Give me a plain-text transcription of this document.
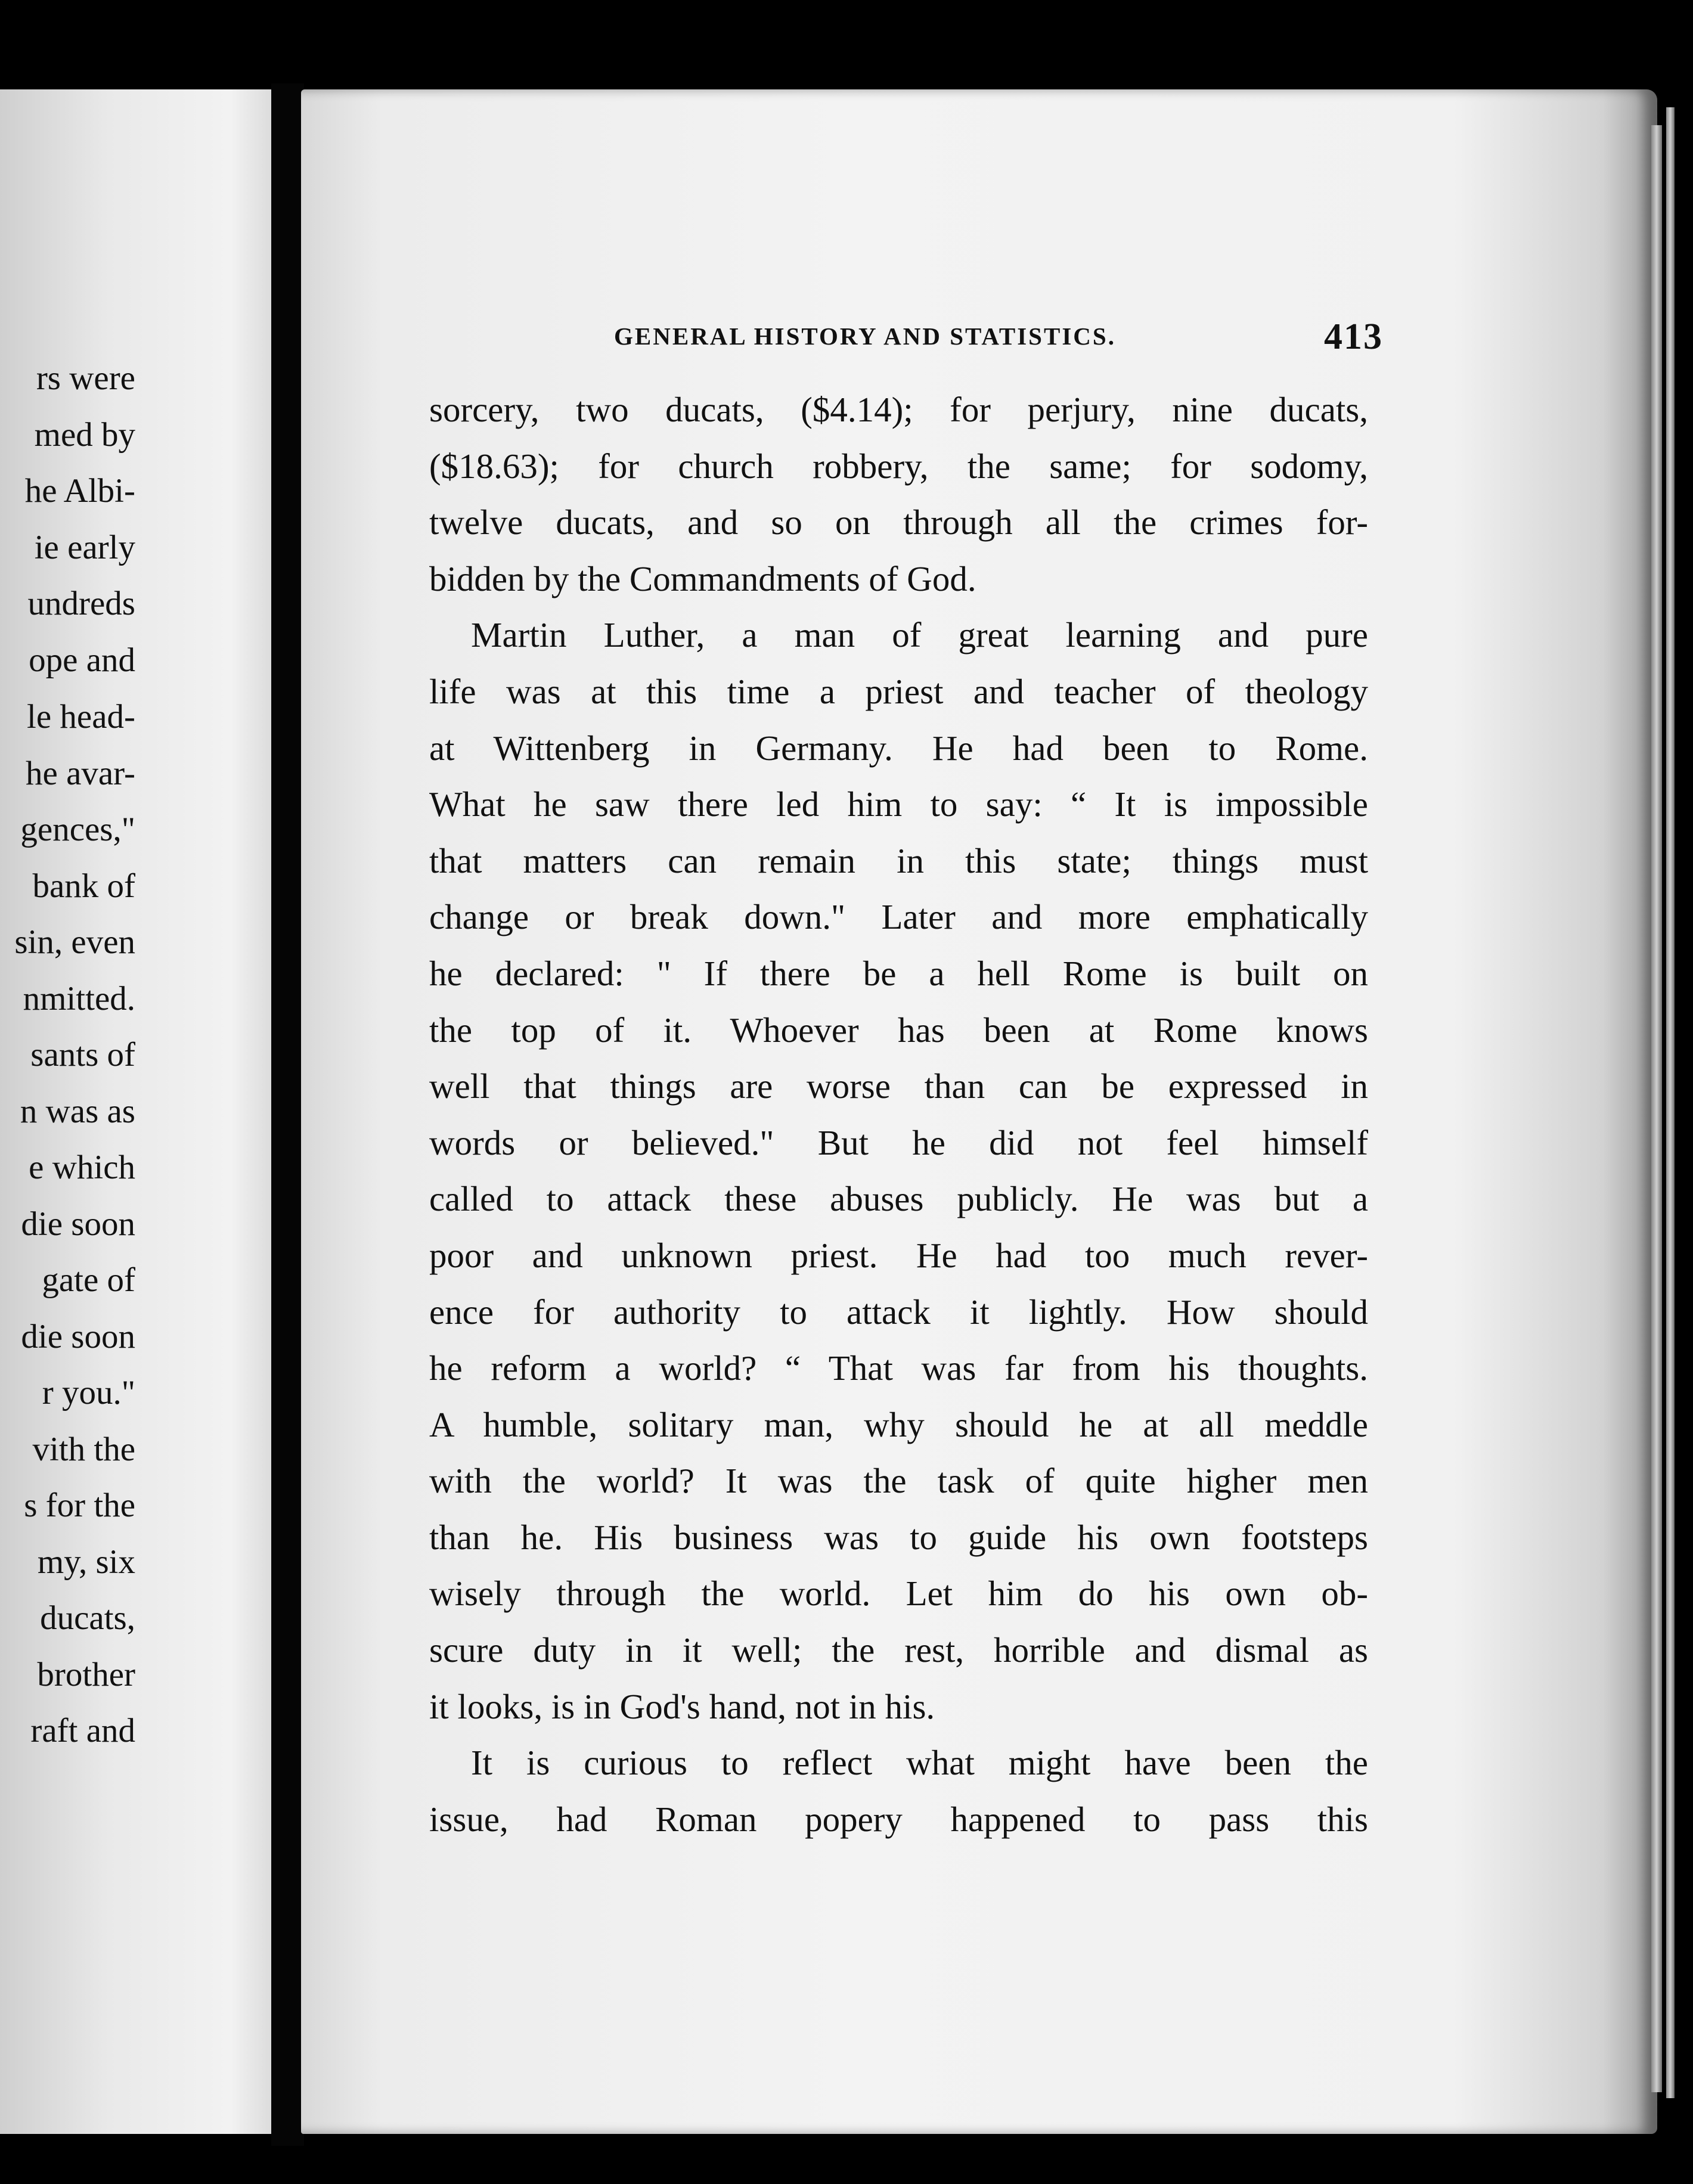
rs were
med by
he Albi-
ie early
undreds
ope and
le head-
he avar-
gences,"
bank of
sin, even
nmitted.
sants of
n was as
e which
die soon
gate of
die soon
r you."
vith the
s for the
my, six
ducats,
brother
raft and
GENERAL HISTORY AND STATISTICS.	413
sorcery, two ducats, ($4.14); for perjury, nine ducats,
($18.63); for church robbery, the same; for sodomy,
twelve ducats, and so on through all the crimes for-
bidden by the Commandments of God.
Martin Luther, a man of great learning and pure
life was at this time a priest and teacher of theology
at Wittenberg in Germany. He had been to Rome.
What he saw there led him to say: “ It is impossible
that matters can remain in this state; things must
change or break down." Later and more emphatically
he declared: " If there be a hell Rome is built on
the top of it. Whoever has been at Rome knows
well that things are worse than can be expressed in
words or believed." But he did not feel himself
called to attack these abuses publicly. He was but a
poor and unknown priest. He had too much rever-
ence for authority to attack it lightly. How should
he reform a world? “ That was far from his thoughts.
A humble, solitary man, why should he at all meddle
with the world? It was the task of quite higher men
than he. His business was to guide his own footsteps
wisely through the world. Let him do his own ob-
scure duty in it well; the rest, horrible and dismal as
it looks, is in God's hand, not in his.
It is curious to reflect what might have been the
issue, had Roman popery happened to pass this
